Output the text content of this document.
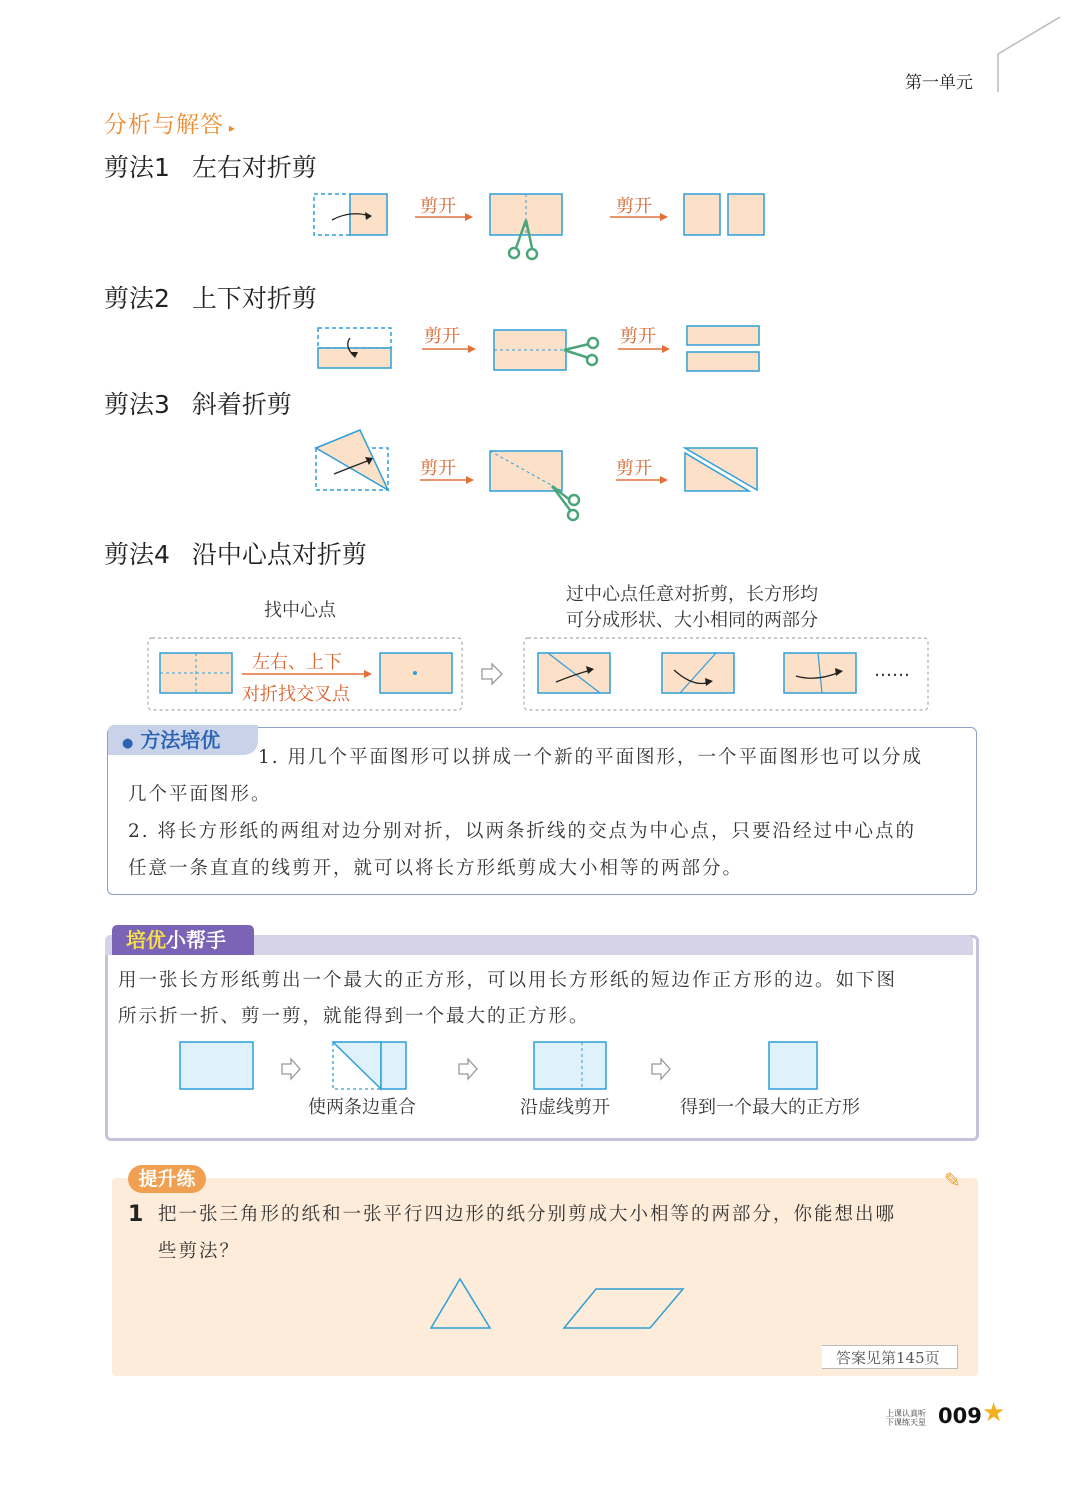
第一单元
分析与解答 ▸
剪法1 左右对折剪
剪开	剪开
剪法2 上下对折剪
剪开	剪开
剪法3 斜着折剪
剪开	剪开
剪法4 沿中心点对折剪
找中心点
过中心点任意对折剪，长方形均
可分成形状、大小相同的两部分
左右、上下
对折找交叉点
……
● 方法培优
1. 用几个平面图形可以拼成一个新的平面图形，一个平面图形也可以分成
几个平面图形。
2. 将长方形纸的两组对边分别对折，以两条折线的交点为中心点，只要沿经过中心点的
任意一条直直的线剪开，就可以将长方形纸剪成大小相等的两部分。
培优小帮手
用一张长方形纸剪出一个最大的正方形，可以用长方形纸的短边作正方形的边。如下图
所示折一折、剪一剪，就能得到一个最大的正方形。
使两条边重合	沿虚线剪开	得到一个最大的正方形
提升练	✎
1 把一张三角形的纸和一张平行四边形的纸分别剪成大小相等的两部分，你能想出哪
些剪法？
答案见第145页
上课认真听
下课练天星 009 ★
